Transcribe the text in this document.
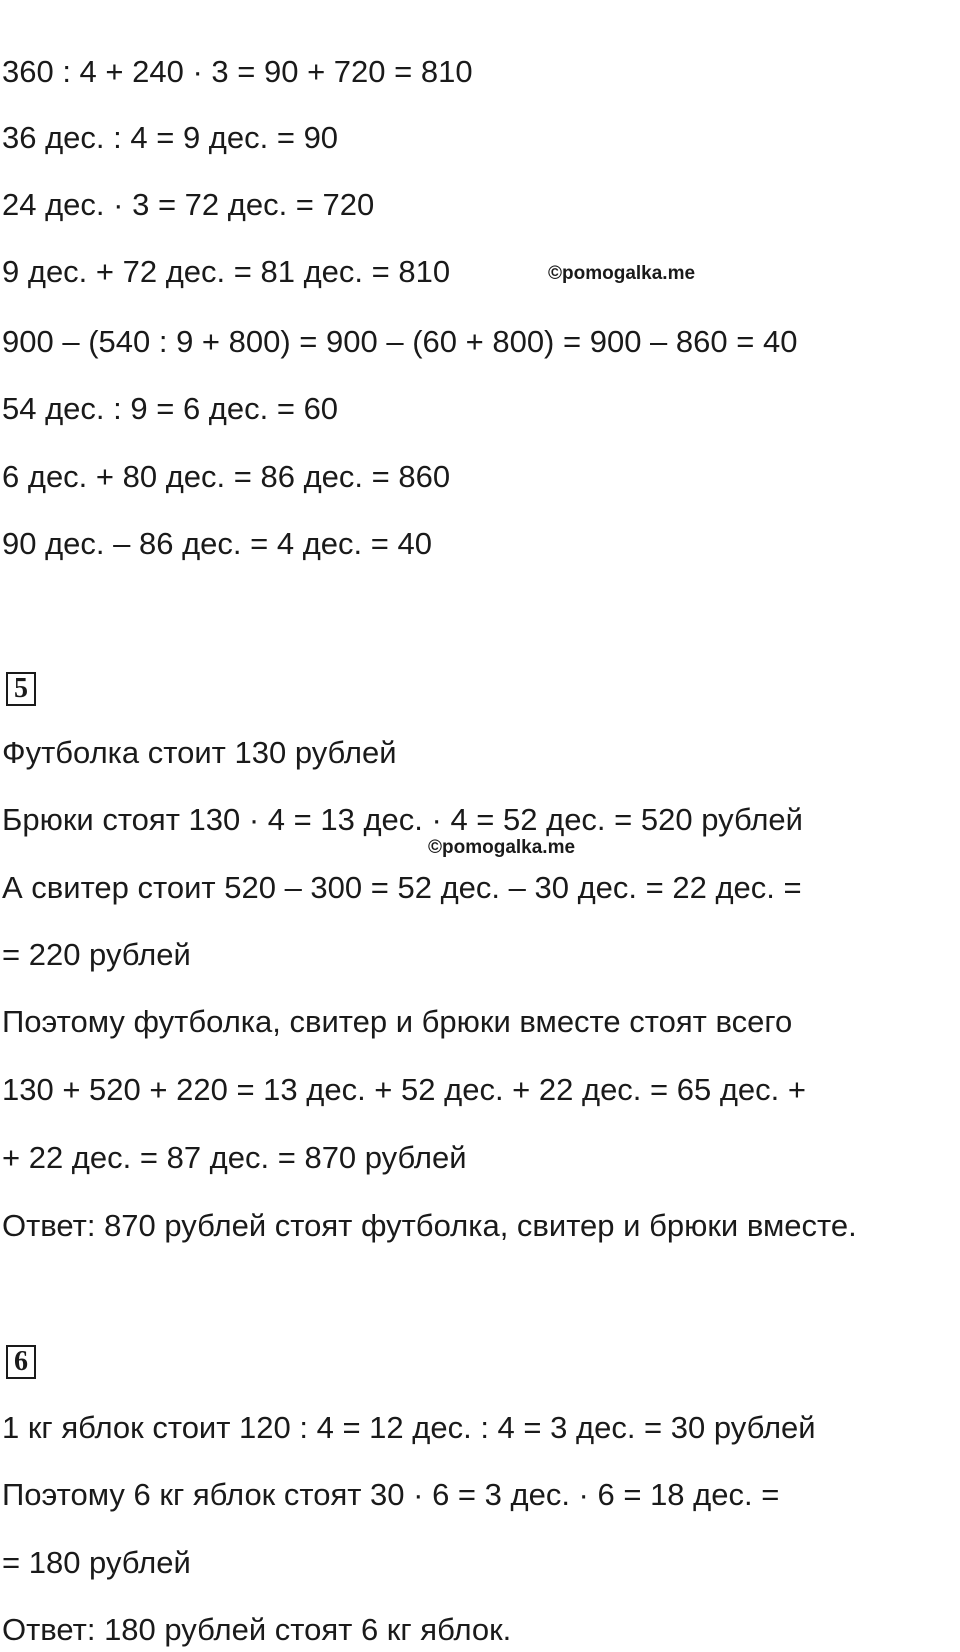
360 : 4 + 240 · 3 = 90 + 720 = 810
36 дес. : 4 = 9 дес. = 90
24 дес. · 3 = 72 дес. = 720
9 дес. + 72 дес. = 81 дес. = 810	©pomogalka.me
900 – (540 : 9 + 800) = 900 – (60 + 800) = 900 – 860 = 40
54 дес. : 9 = 6 дес. = 60
6 дес. + 80 дес. = 86 дес. = 860
90 дес. – 86 дес. = 4 дес. = 40
5
Футболка стоит 130 рублей
Брюки стоят 130 · 4 = 13 дес. · 4 = 52 дес. = 520 рублей
©pomogalka.me
А свитер стоит 520 – 300 = 52 дес. – 30 дес. = 22 дес. =
= 220 рублей
Поэтому футболка, свитер и брюки вместе стоят всего
130 + 520 + 220 = 13 дес. + 52 дес. + 22 дес. = 65 дес. +
+ 22 дес. = 87 дес. = 870 рублей
Ответ: 870 рублей стоят футболка, свитер и брюки вместе.
6
1 кг яблок стоит 120 : 4 = 12 дес. : 4 = 3 дес. = 30 рублей
Поэтому 6 кг яблок стоят 30 · 6 = 3 дес. · 6 = 18 дес. =
= 180 рублей
Ответ: 180 рублей стоят 6 кг яблок.
